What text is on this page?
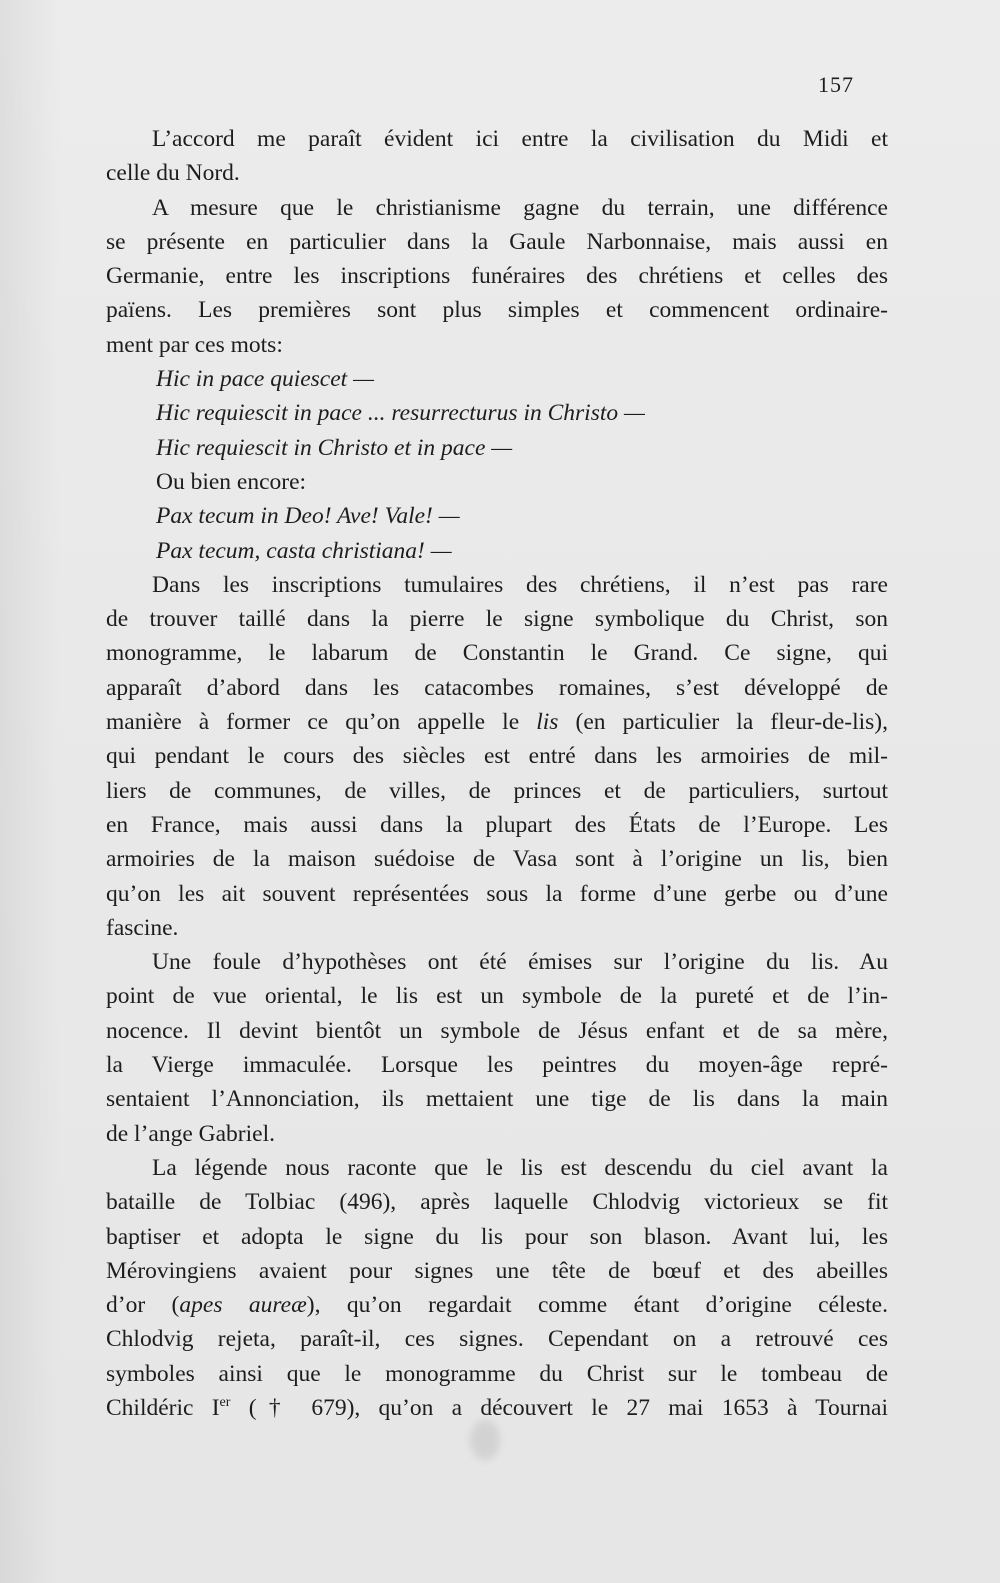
157
L’accord me paraît évident ici entre la civilisation du Midi et
celle du Nord.
A mesure que le christianisme gagne du terrain, une différence
se présente en particulier dans la Gaule Narbonnaise, mais aussi en
Germanie, entre les inscriptions funéraires des chrétiens et celles des
païens. Les premières sont plus simples et commencent ordinaire-
ment par ces mots:
Hic in pace quiescet —
Hic requiescit in pace ... resurrecturus in Christo —
Hic requiescit in Christo et in pace —
Ou bien encore:
Pax tecum in Deo! Ave! Vale! —
Pax tecum, casta christiana! —
Dans les inscriptions tumulaires des chrétiens, il n’est pas rare
de trouver taillé dans la pierre le signe symbolique du Christ, son
monogramme, le labarum de Constantin le Grand. Ce signe, qui
apparaît d’abord dans les catacombes romaines, s’est développé de
manière à former ce qu’on appelle le lis (en particulier la fleur-de-lis),
qui pendant le cours des siècles est entré dans les armoiries de mil-
liers de communes, de villes, de princes et de particuliers, surtout
en France, mais aussi dans la plupart des États de l’Europe. Les
armoiries de la maison suédoise de Vasa sont à l’origine un lis, bien
qu’on les ait souvent représentées sous la forme d’une gerbe ou d’une
fascine.
Une foule d’hypothèses ont été émises sur l’origine du lis. Au
point de vue oriental, le lis est un symbole de la pureté et de l’in-
nocence. Il devint bientôt un symbole de Jésus enfant et de sa mère,
la Vierge immaculée. Lorsque les peintres du moyen-âge repré-
sentaient l’Annonciation, ils mettaient une tige de lis dans la main
de l’ange Gabriel.
La légende nous raconte que le lis est descendu du ciel avant la
bataille de Tolbiac (496), après laquelle Chlodvig victorieux se fit
baptiser et adopta le signe du lis pour son blason. Avant lui, les
Mérovingiens avaient pour signes une tête de bœuf et des abeilles
d’or (apes aureæ), qu’on regardait comme étant d’origine céleste.
Chlodvig rejeta, paraît-il, ces signes. Cependant on a retrouvé ces
symboles ainsi que le monogramme du Christ sur le tombeau de
Childéric Ier († 679), qu’on a découvert le 27 mai 1653 à Tournai
